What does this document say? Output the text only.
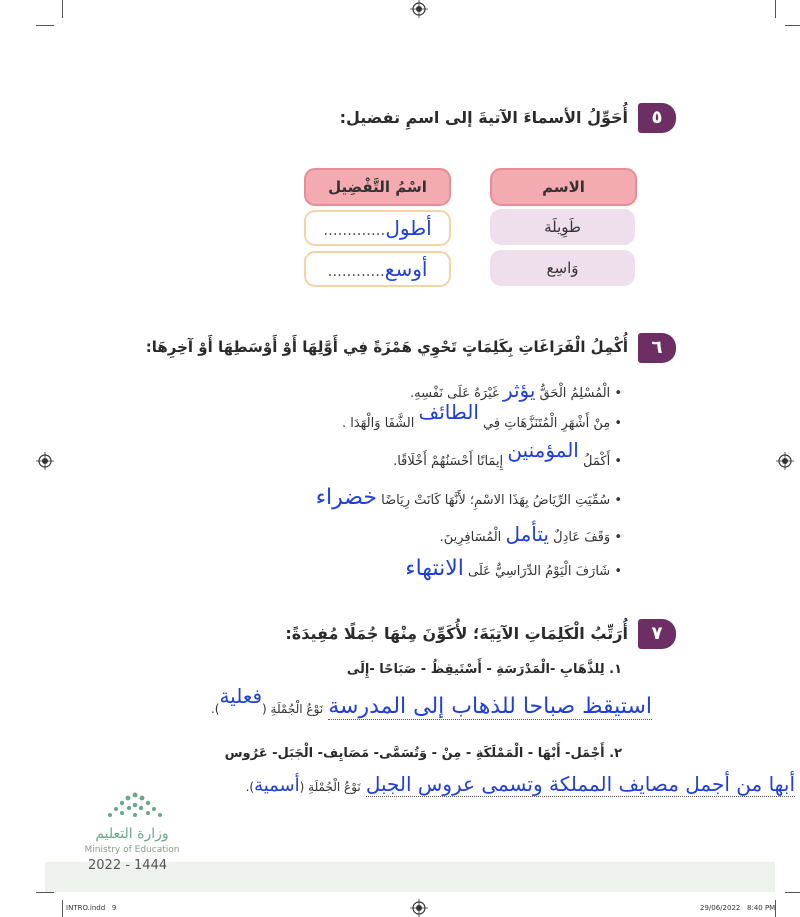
٥
أُحَوِّلُ الأسماءَ الآتيةَ إلى اسمِ تفضيل:
الاسم
اسْمُ التَّفْضِيل
طَوِيلَة
أطول.............
وَاسِع
أوسع............
٦
أُكْمِلُ الْفَرَاغَاتِ بِكَلِمَاتٍ تَحْوِي هَمْزَةً فِي أَوَّلِهَا أَوْ أَوْسَطِهَا أَوْ آخِرِهَا:
• الْمُسْلِمُ الْحَقُّ يؤثر غَيْرَهُ عَلَى نَفْسِهِ.
• مِنْ أَشْهَرِ الْمُتَنَزَّهَاتِ فِي الطائف الشَّفَا وَالْهَدَا .
• أَكْمَلُ المؤمنين إِيمَانًا أَحْسَنُهُمْ أَخْلَاقًا.
• سُمِّيَتِ الرِّيَاضُ بِهَذَا الاسْمِ؛ لأَنَّهَا كَانَتْ رِيَاضًا خضراء
• وَقَفَ عَادِلٌ يتأمل الْمُسَافِرِينَ.
• شَارَفَ الْيَوْمُ الدِّرَاسِيُّ عَلَى الانتهاء
٧
أُرَتِّبُ الْكَلِمَاتِ الآتِيَةَ؛ لأُكَوِّنَ مِنْهَا جُمَلًا مُفِيدَةً:
١. لِلذَّهَابِ -الْمَدْرَسَةِ - أَسْتَيقِظُ - صَبَاحًا -إِلَى
استيقظ صباحا للذهاب إلى المدرسة نَوْعُ الْجُمْلَةِ (فعلية).
٢. أَجْمَل- أَبْهَا - الْمَمْلَكَةِ - مِنْ - وَتُسَمَّى- مَصَايِف- الْجَبَل- عَرُوس
أبها من أجمل مصايف المملكة وتسمى عروس الجبل نَوْعُ الْجُمْلَةِ (أسمية).
وزارة التعليم
Ministry of Education
2022 - 1444
INTRO.indd   9	29/06/2022   8:40 PM
